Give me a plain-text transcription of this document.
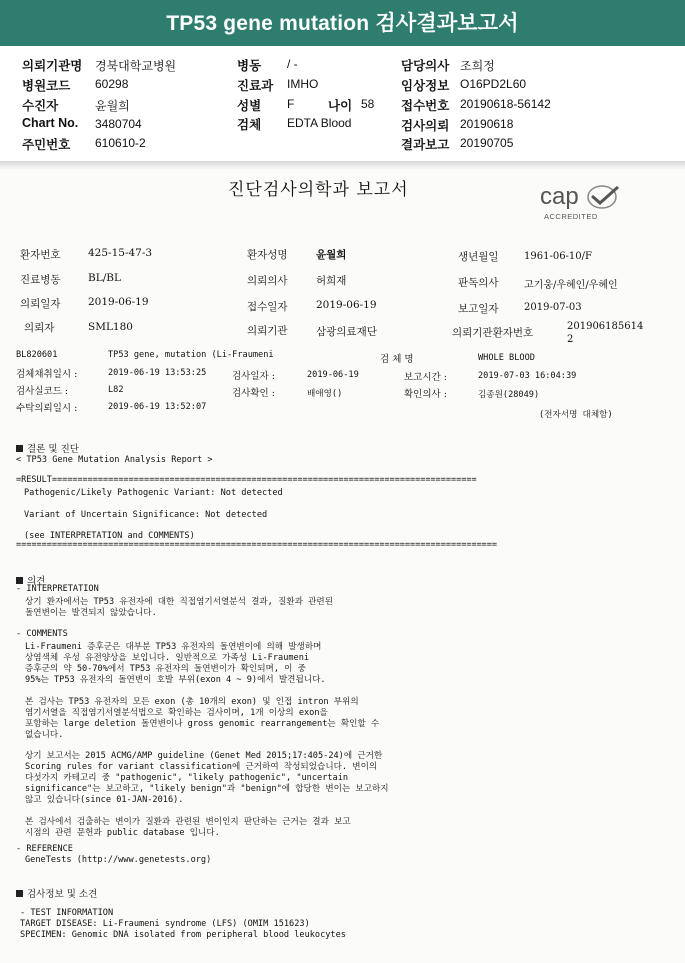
TP53 gene mutation 검사결과보고서
의뢰기관명 경북대학교병원
병원코드 60298
수진자	윤월희
Chart No. 3480704
주민번호 610610-2
병동 / -
진료과 IMHO
성별 F	나이 58
검체 EDTA Blood
담당의사 조희정
임상정보 O16PD2L60
접수번호 20190618-56142
검사의뢰 20190618
결과보고 20190705
진단검사의학과 보고서	cap
ACCREDITED
환자번호	425-15-47-3	환자성명	윤월희	생년월일	1961-06-10/F
진료병동	BL/BL	의뢰의사	허희재	판독의사	고기웅/우혜인/우혜인
의뢰일자	2019-06-19	접수일자	2019-06-19	보고일자	2019-07-03
의뢰자	SML180	의뢰기관	삼광의료재단	의뢰기관환자번호
201906185614
2
BL820601	TP53 gene, mutation (Li-Fraumeni	검 체 명	WHOLE BLOOD
검체채취일시 :	2019-06-19 13:53:25	검사일자 :	2019-06-19	보고시간 :	2019-07-03 16:04:39
검사실코드 :	L82	검사확인 :	배애영()	확인의사 :	김종원(28049)
수탁의뢰일시 :	2019-06-19 13:52:07
(전자서명 대체함)
결론 및 진단
< TP53 Gene Mutation Analysis Report >
=RESULT===================================================================================
Pathogenic/Likely Pathogenic Variant: Not detected
Variant of Uncertain Significance: Not detected
(see INTERPRETATION and COMMENTS)
==============================================================================================
의견
- INTERPRETATION
상기 환자에서는 TP53 유전자에 대한 직접염기서열분석 결과, 질환과 관련된
돌연변이는 발견되지 않았습니다.
- COMMENTS
Li-Fraumeni 증후군은 대부분 TP53 유전자의 돌연변이에 의해 발생하며
상염색체 우성 유전양상을 보입니다. 일반적으로 가족성 Li-Fraumeni
증후군의 약 50-70%에서 TP53 유전자의 돌연변이가 확인되며, 이 중
95%는 TP53 유전자의 돌연변이 호발 부위(exon 4 ~ 9)에서 발견됩니다.
본 검사는 TP53 유전자의 모든 exon (총 10개의 exon) 및 인접 intron 부위의
염기서열을 직접염기서열분석법으로 확인하는 검사이며, 1개 이상의 exon을
포함하는 large deletion 돌연변이나 gross genomic rearrangement는 확인할 수
없습니다.
상기 보고서는 2015 ACMG/AMP guideline (Genet Med 2015;17:405-24)에 근거한
Scoring rules for variant classification에 근거하여 작성되었습니다. 변이의
다섯가지 카테고리 중 "pathogenic", "likely pathogenic", "uncertain
significance"는 보고하고, "likely benign"과 "benign"에 합당한 변이는 보고하지
않고 있습니다(since 01-JAN-2016).
본 검사에서 검출하는 변이가 질환과 관련된 변이인지 판단하는 근거는 결과 보고
시점의 관련 문헌과 public database 입니다.
- REFERENCE
GeneTests (http://www.genetests.org)
검사정보 및 소견
- TEST INFORMATION
TARGET DISEASE: Li-Fraumeni syndrome (LFS) (OMIM 151623)
SPECIMEN: Genomic DNA isolated from peripheral blood leukocytes
